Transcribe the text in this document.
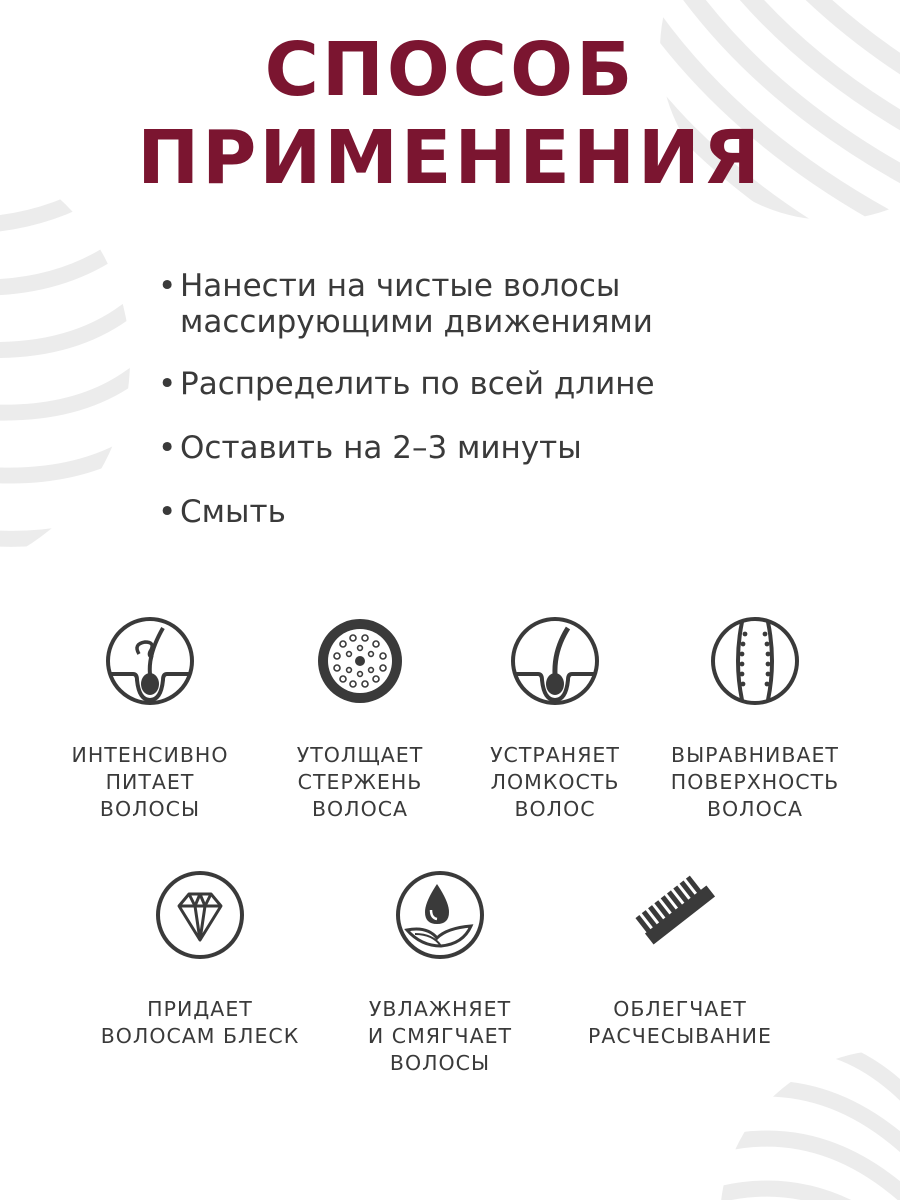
СПОСОБ
ПРИМЕНЕНИЯ
• Нанести на чистые волосы
массирующими движениями
• Распределить по всей длине
• Оставить на 2–3 минуты
• Смыть
ИНТЕНСИВНО
ПИТАЕТ
ВОЛОСЫ
УТОЛЩАЕТ
СТЕРЖЕНЬ
ВОЛОСА
УСТРАНЯЕТ
ЛОМКОСТЬ
ВОЛОС
ВЫРАВНИВАЕТ
ПОВЕРХНОСТЬ
ВОЛОСА
ПРИДАЕТ
ВОЛОСАМ БЛЕСК
УВЛАЖНЯЕТ
И СМЯГЧАЕТ
ВОЛОСЫ
ОБЛЕГЧАЕТ
РАСЧЕСЫВАНИЕ
